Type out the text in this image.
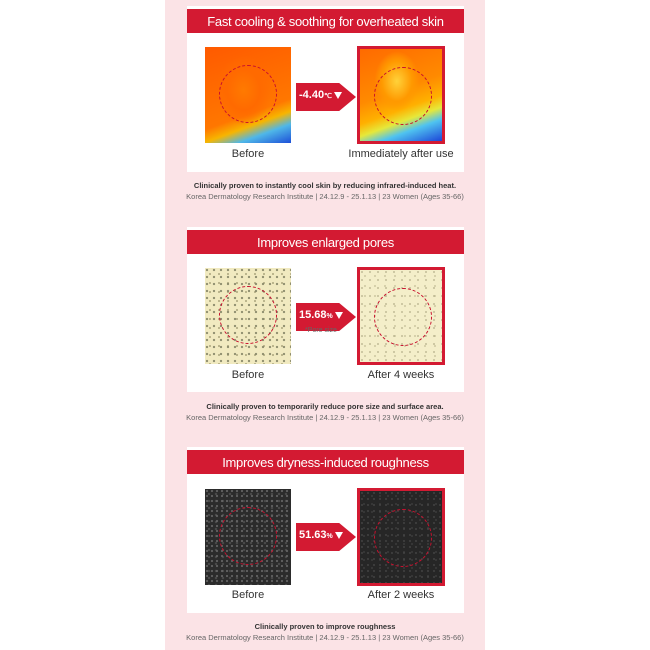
Fast cooling & soothing for overheated skin
-4.40℃
Before	Immediately after use
Clinically proven to instantly cool skin by reducing infrared-induced heat.
Korea Dermatology Research Institute | 24.12.9 - 25.1.13 | 23 Women (Ages 35-66)
Improves enlarged pores
15.68%
*Pore size
Before	After 4 weeks
Clinically proven to temporarily reduce pore size and surface area.
Korea Dermatology Research Institute | 24.12.9 - 25.1.13 | 23 Women (Ages 35-66)
Improves dryness-induced roughness
51.63%
Before	After 2 weeks
Clinically proven to improve roughness
Korea Dermatology Research Institute | 24.12.9 - 25.1.13 | 23 Women (Ages 35-66)
